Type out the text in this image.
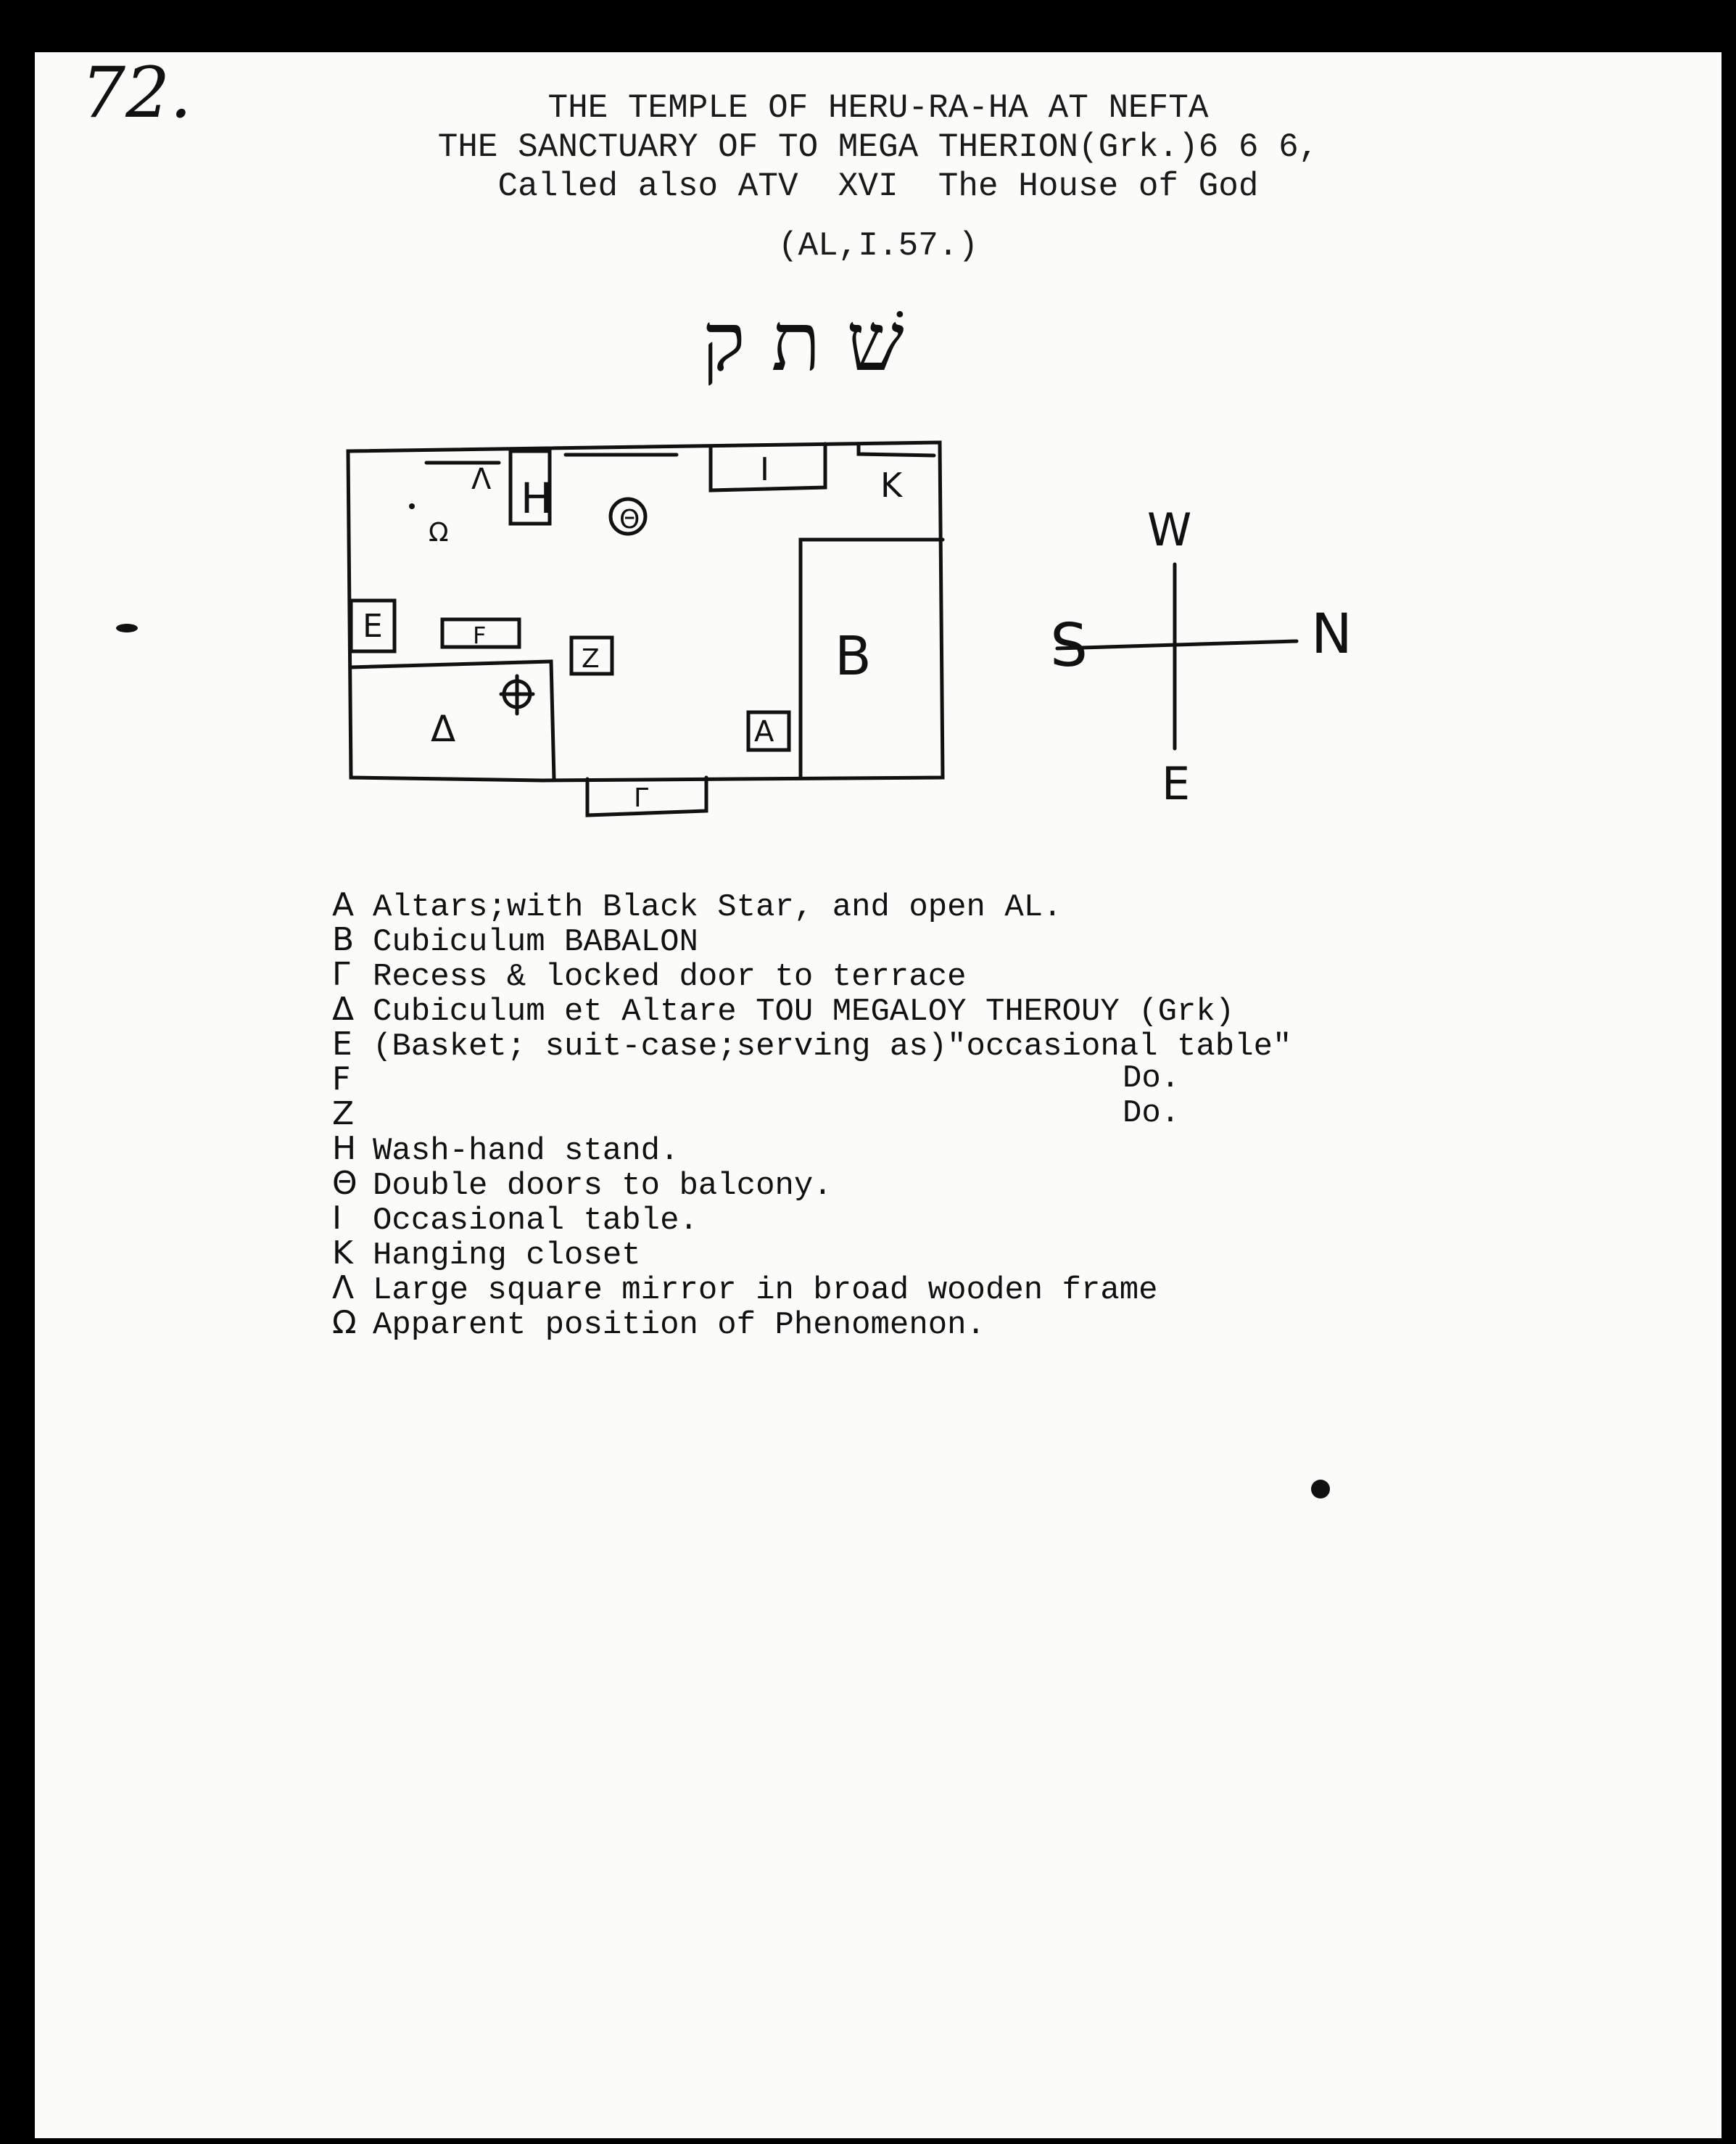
72.	THE TEMPLE OF HERU-RA-HA AT NEFTA
THE SANCTUARY OF TO MEGA THERION(Grk.)6 6 6,
Called also ATV  XVI  The House of God
(AL,I.57.)
שׁ ת ק
Λ H	Θ
I	K
Ω
E	F
Z	B
A
Δ
Γ
W
E
S	N
A Altars;with Black Star, and open AL.
B Cubiculum BABALON
Γ Recess & locked door to terrace
Δ Cubiculum et Altare TOU MEGALOY THEROUY (Grk)
E (Basket; suit-case;serving as)"occasional table"
F	Do.
Z	Do.
H Wash-hand stand.
Θ Double doors to balcony.
I Occasional table.
K Hanging closet
Λ Large square mirror in broad wooden frame
Ω Apparent position of Phenomenon.
